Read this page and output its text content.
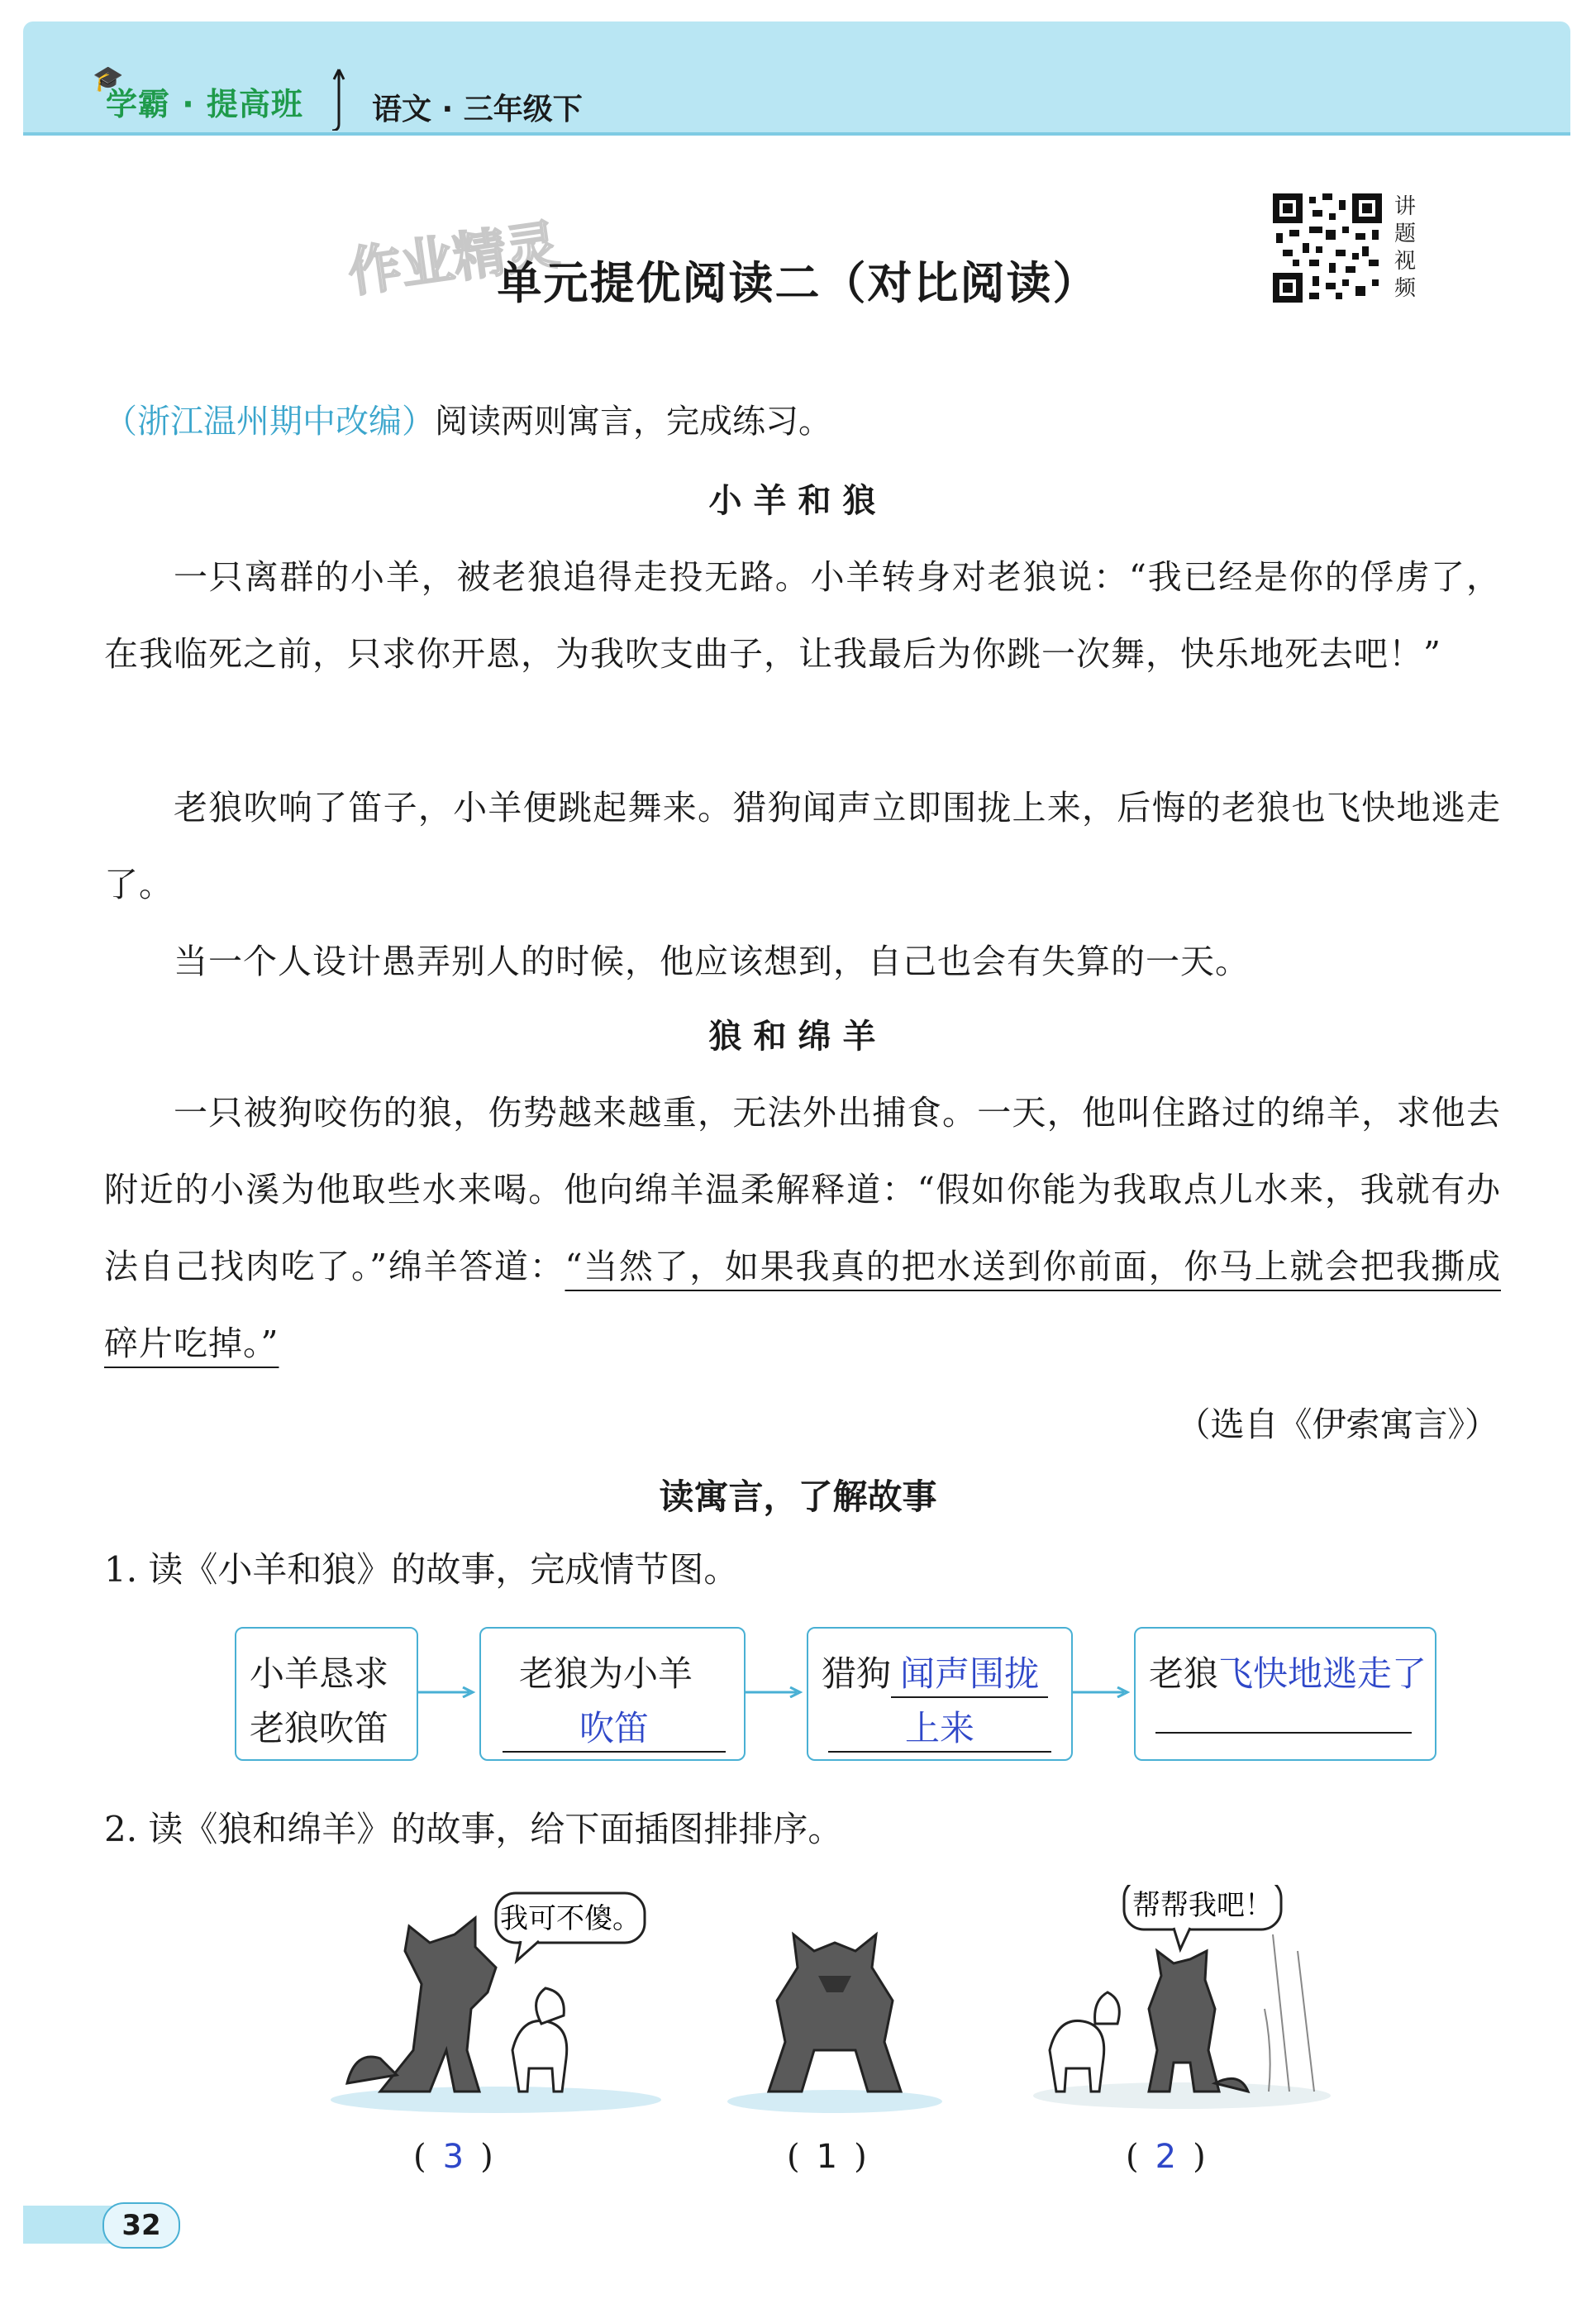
🎓
学霸 · 提高班 语文 · 三年级下
作业精灵
单元提优阅读二（对比阅读）
讲
题
视
频
（浙江温州期中改编）阅读两则寓言，完成练习。
小羊和狼
一只离群的小羊，被老狼追得走投无路。小羊转身对老狼说：“我已经是你的俘虏了，在我临死之前，只求你开恩，为我吹支曲子，让我最后为你跳一次舞，快乐地死去吧！”
老狼吹响了笛子，小羊便跳起舞来。猎狗闻声立即围拢上来，后悔的老狼也飞快地逃走了。
当一个人设计愚弄别人的时候，他应该想到，自己也会有失算的一天。
狼和绵羊
一只被狗咬伤的狼，伤势越来越重，无法外出捕食。一天，他叫住路过的绵羊，求他去附近的小溪为他取些水来喝。他向绵羊温柔解释道：“假如你能为我取点儿水来，我就有办法自己找肉吃了。”绵羊答道：“当然了，如果我真的把水送到你前面，你马上就会把我撕成碎片吃掉。”
（选自《伊索寓言》）
读寓言，了解故事
1. 读《小羊和狼》的故事，完成情节图。
小羊恳求
老狼吹笛
老狼为小羊
吹笛
猎狗 闻声围拢
上来
老狼飞快地逃走了
2. 读《狼和绵羊》的故事，给下面插图排排序。
我可不傻。	帮帮我吧！
( 3 )	( 1 )	( 2 )
32
